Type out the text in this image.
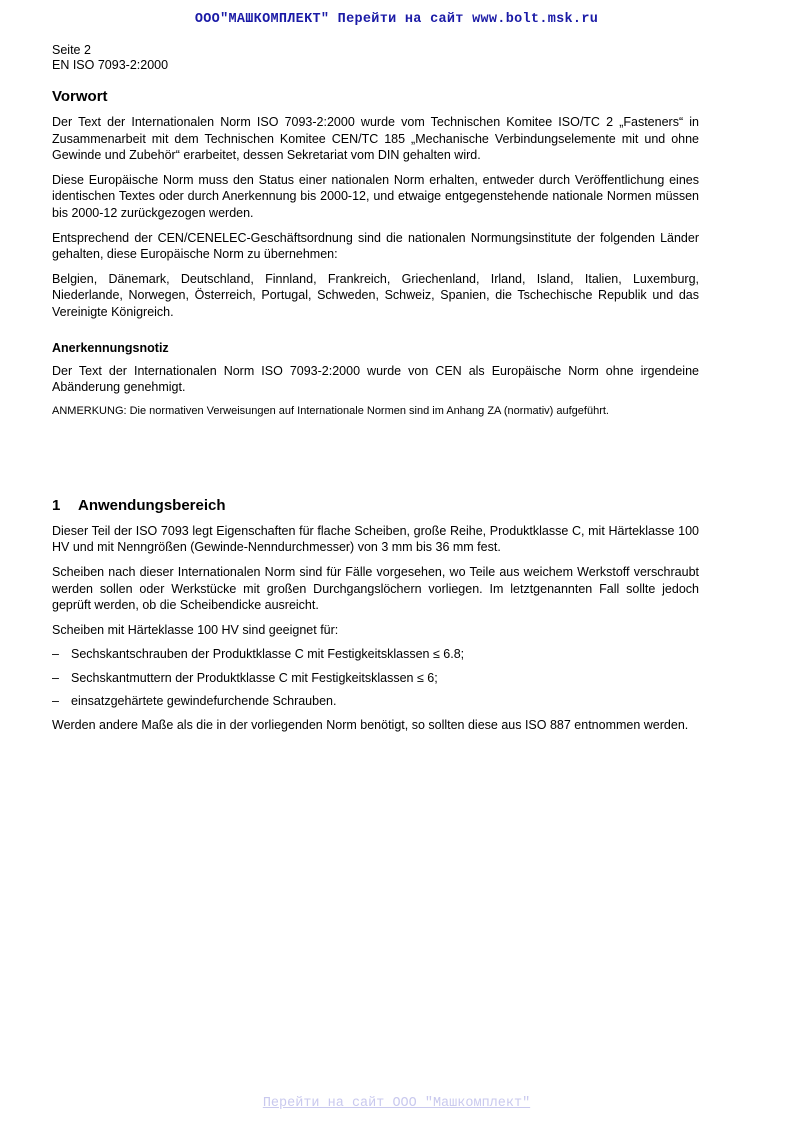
ООО"МАШКОМПЛЕКТ" Перейти на сайт www.bolt.msk.ru
Seite 2
EN ISO 7093-2:2000
Vorwort

Der Text der Internationalen Norm ISO 7093-2:2000 wurde vom Technischen Komitee ISO/TC 2 „Fasteners“ in Zusammenarbeit mit dem Technischen Komitee CEN/TC 185 „Mechanische Verbindungselemente mit und ohne Gewinde und Zubehör“ erarbeitet, dessen Sekretariat vom DIN gehalten wird.

Diese Europäische Norm muss den Status einer nationalen Norm erhalten, entweder durch Veröffentlichung eines identischen Textes oder durch Anerkennung bis 2000-12, und etwaige entgegenstehende nationale Normen müssen bis 2000-12 zurückgezogen werden.

Entsprechend der CEN/CENELEC-Geschäftsordnung sind die nationalen Normungsinstitute der folgenden Länder gehalten, diese Europäische Norm zu übernehmen:

Belgien, Dänemark, Deutschland, Finnland, Frankreich, Griechenland, Irland, Island, Italien, Luxemburg, Niederlande, Norwegen, Österreich, Portugal, Schweden, Schweiz, Spanien, die Tschechische Republik und das Vereinigte Königreich.

Anerkennungsnotiz

Der Text der Internationalen Norm ISO 7093-2:2000 wurde von CEN als Europäische Norm ohne irgendeine Abänderung genehmigt.

ANMERKUNG: Die normativen Verweisungen auf Internationale Normen sind im Anhang ZA (normativ) aufgeführt.

1 Anwendungsbereich

Dieser Teil der ISO 7093 legt Eigenschaften für flache Scheiben, große Reihe, Produktklasse C, mit Härteklasse 100 HV und mit Nenngrößen (Gewinde-Nenndurchmesser) von 3 mm bis 36 mm fest.

Scheiben nach dieser Internationalen Norm sind für Fälle vorgesehen, wo Teile aus weichem Werkstoff verschraubt werden sollen oder Werkstücke mit großen Durchgangslöchern vorliegen. Im letztgenannten Fall sollte jedoch geprüft werden, ob die Scheibendicke ausreicht.

Scheiben mit Härteklasse 100 HV sind geeignet für:

– Sechskantschrauben der Produktklasse C mit Festigkeitsklassen ≤ 6.8;
– Sechskantmuttern der Produktklasse C mit Festigkeitsklassen ≤ 6;
– einsatzgehärtete gewindefurchende Schrauben.

Werden andere Maße als die in der vorliegenden Norm benötigt, so sollten diese aus ISO 887 entnommen werden.

Перейти на сайт ООО "Машкомплект"
